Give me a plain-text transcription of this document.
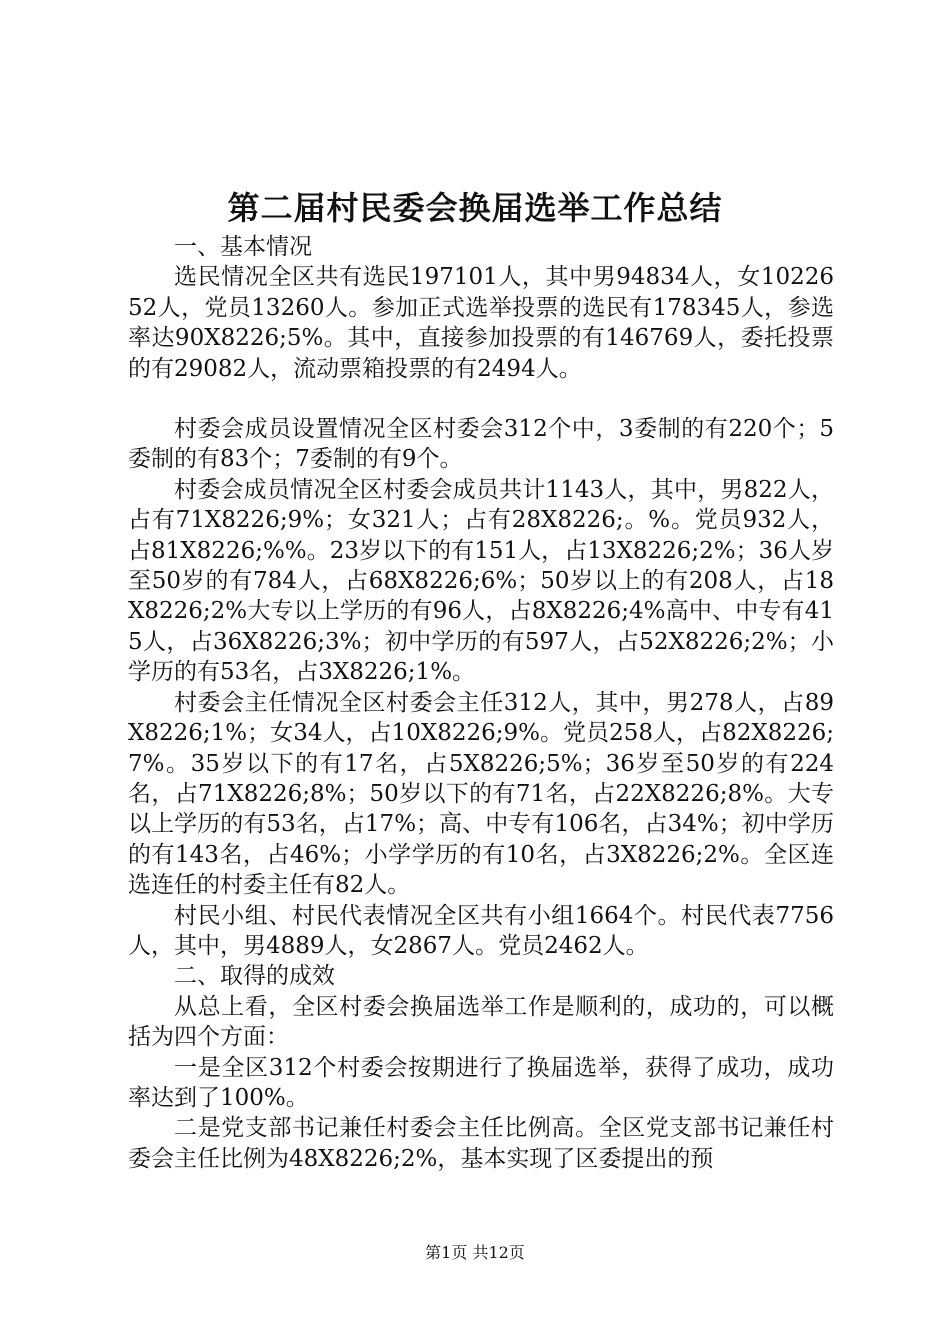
第二届村民委会换届选举工作总结

一、基本情况

选民情况全区共有选民197101人，其中男94834人，女1022652人，党员13260人。参加正式选举投票的选民有178345人，参选率达90X8226;5%。其中，直接参加投票的有146769人，委托投票的有29082人，流动票箱投票的有2494人。

村委会成员设置情况全区村委会312个中，3委制的有220个；5委制的有83个；7委制的有9个。

村委会成员情况全区村委会成员共计1143人，其中，男822人，占有71X8226;9%；女321人；占有28X8226;。%。党员932人，占81X8226;%%。23岁以下的有151人，占13X8226;2%；36人岁至50岁的有784人，占68X8226;6%；50岁以上的有208人，占18X8226;2%大专以上学历的有96人，占8X8226;4%高中、中专有415人，占36X8226;3%；初中学历的有597人，占52X8226;2%；小学历的有53名，占3X8226;1%。

村委会主任情况全区村委会主任312人，其中，男278人，占89X8226;1%；女34人，占10X8226;9%。党员258人，占82X8226;7%。35岁以下的有17名，占5X8226;5%；36岁至50岁的有224名，占71X8226;8%；50岁以下的有71名，占22X8226;8%。大专以上学历的有53名，占17%；高、中专有106名，占34%；初中学历的有143名，占46%；小学学历的有10名，占3X8226;2%。全区连选连任的村委主任有82人。

村民小组、村民代表情况全区共有小组1664个。村民代表7756人，其中，男4889人，女2867人。党员2462人。

二、取得的成效

从总上看，全区村委会换届选举工作是顺利的，成功的，可以概括为四个方面：

一是全区312个村委会按期进行了换届选举，获得了成功，成功率达到了100%。

二是党支部书记兼任村委会主任比例高。全区党支部书记兼任村委会主任比例为48X8226;2%，基本实现了区委提出的预

第1页 共12页
